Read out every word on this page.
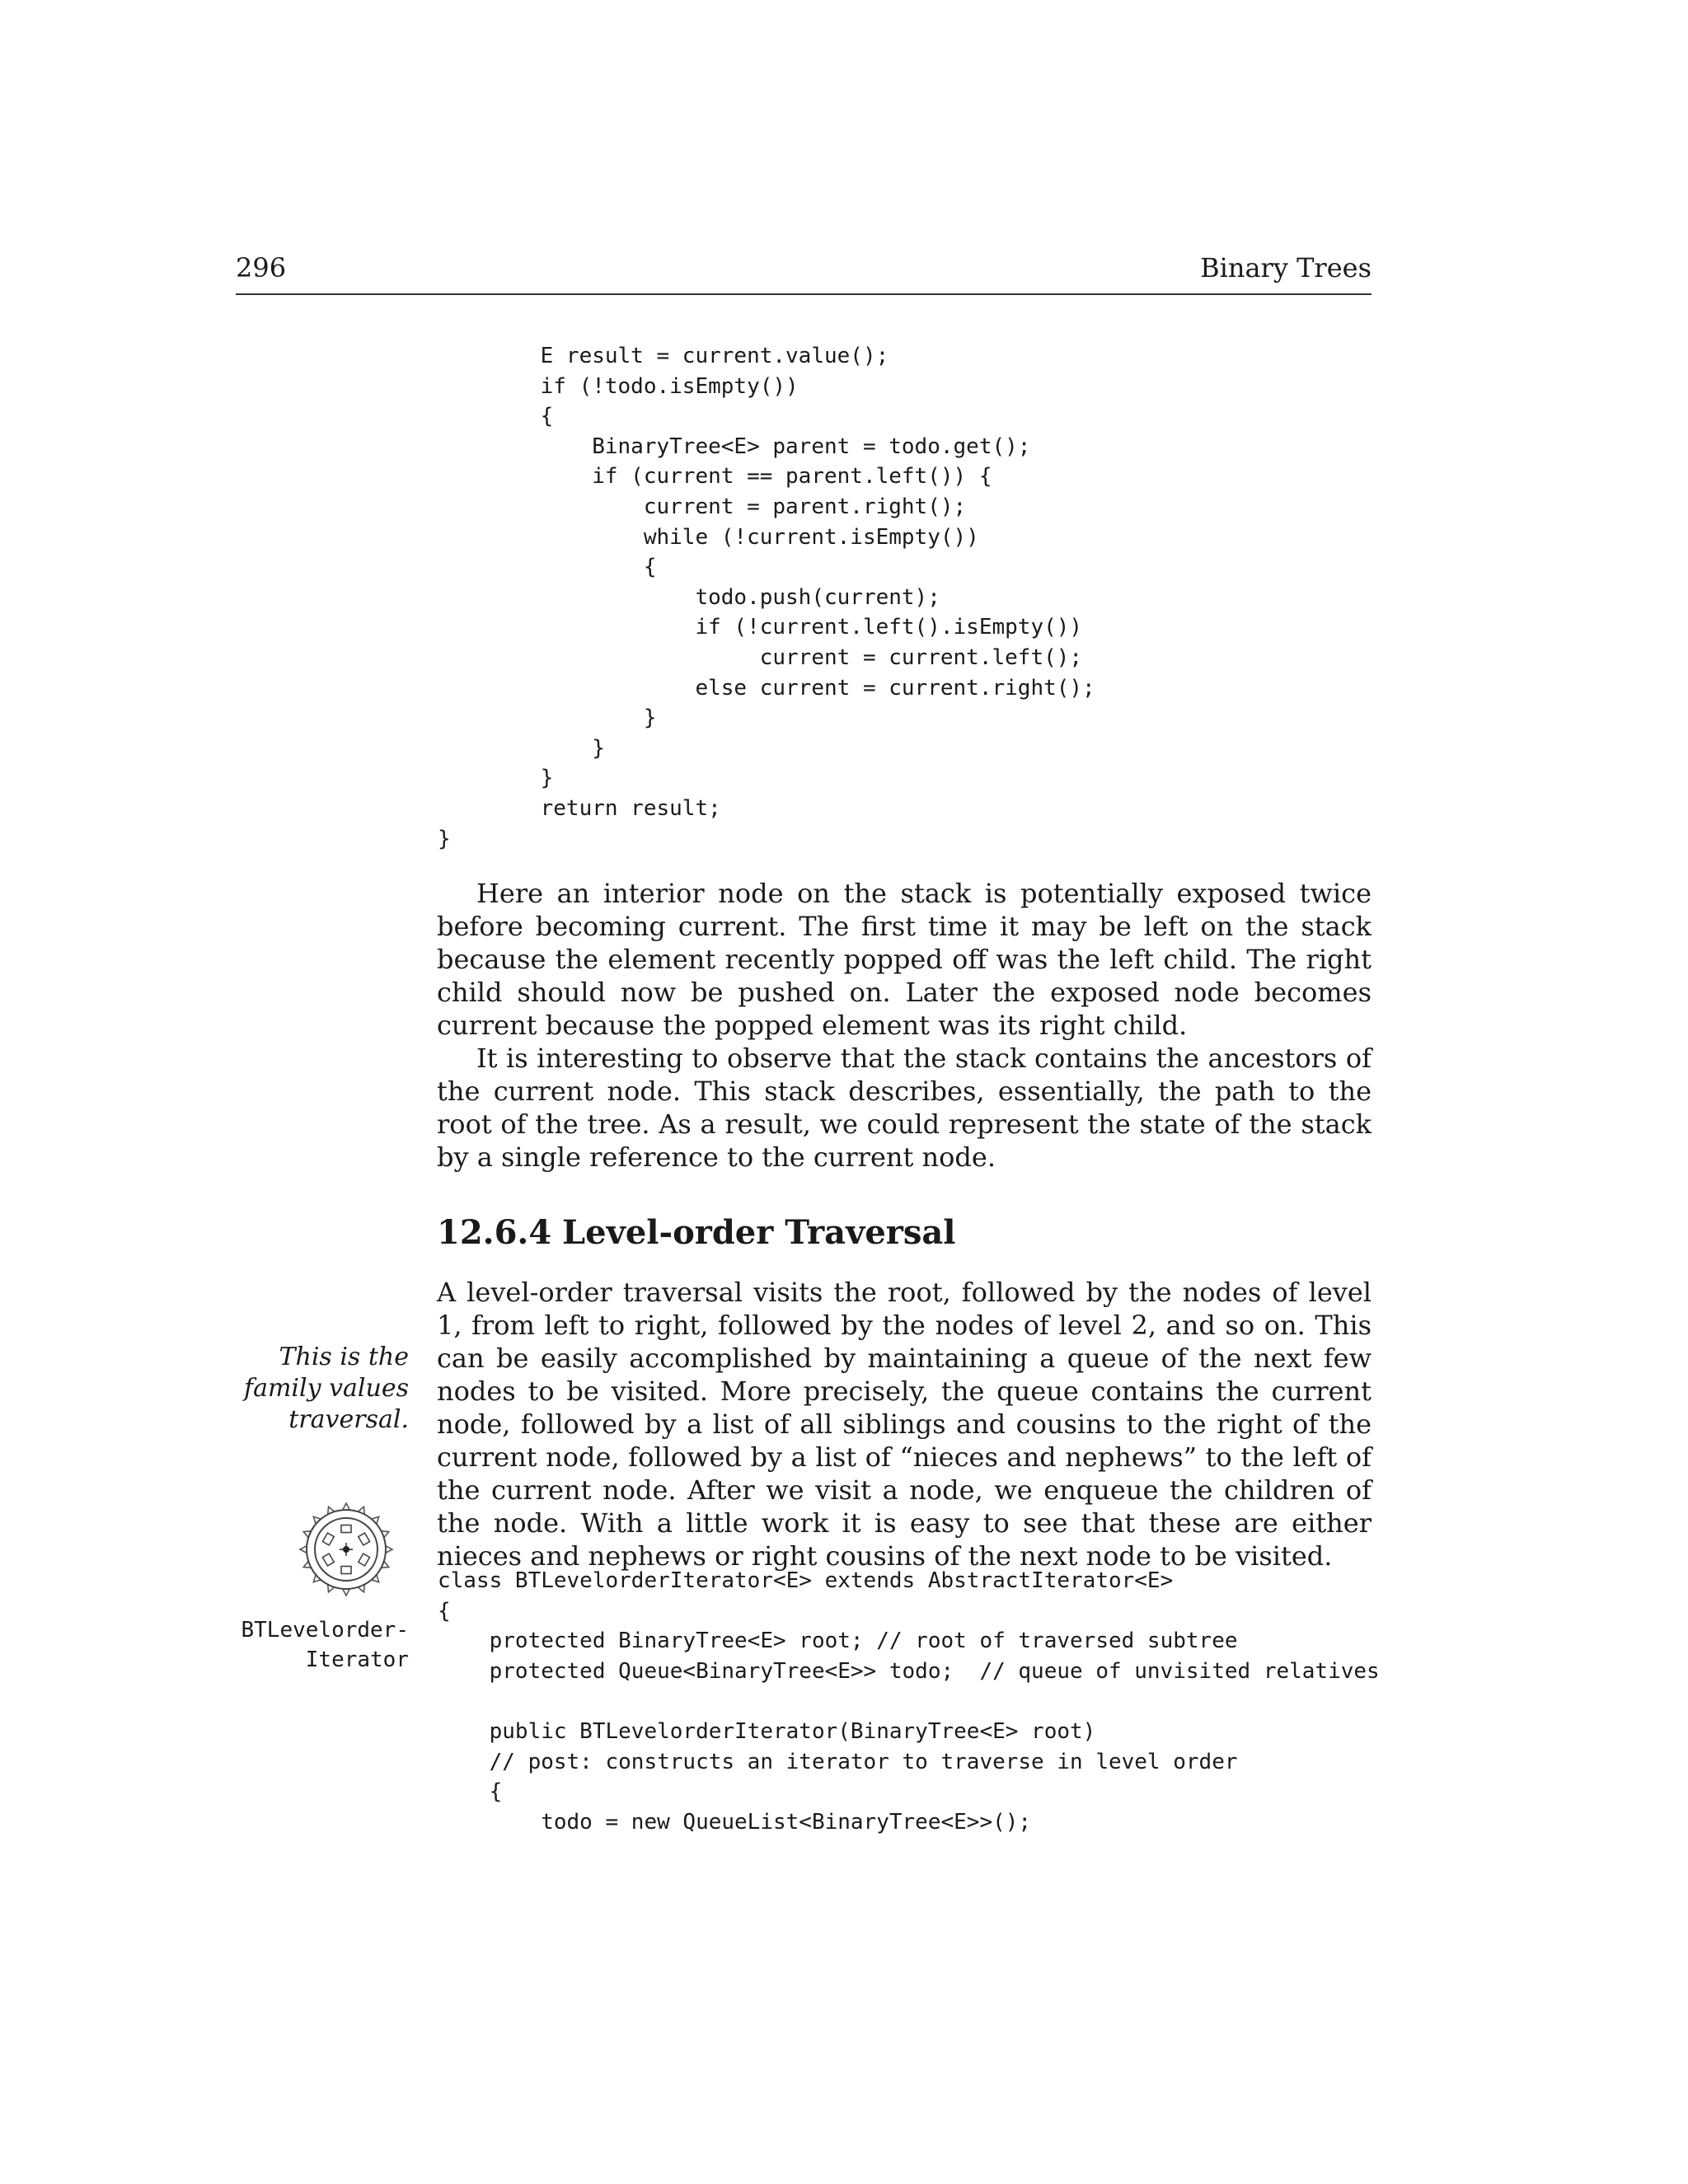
296	Binary Trees
E result = current.value();
if (!todo.isEmpty())
{
BinaryTree<E> parent = todo.get();
if (current == parent.left()) {
current = parent.right();
while (!current.isEmpty())
{
todo.push(current);
if (!current.left().isEmpty())
current = current.left();
else current = current.right();
}
}
}
return result;
}

Here an interior node on the stack is potentially exposed twice before becoming current. The first time it may be left on the stack because the element recently popped off was the left child. The right child should now be pushed on. Later the exposed node becomes current because the popped element was its right child.

It is interesting to observe that the stack contains the ancestors of the current node. This stack describes, essentially, the path to the root of the tree. As a result, we could represent the state of the stack by a single reference to the current node.

12.6.4 Level-order Traversal

A level-order traversal visits the root, followed by the nodes of level 1, from left to right, followed by the nodes of level 2, and so on. This can be easily accomplished by maintaining a queue of the next few nodes to be visited. More precisely, the queue contains the current node, followed by a list of all siblings and cousins to the right of the current node, followed by a list of “nieces and nephews” to the left of the current node. After we visit a node, we enqueue the children of the node. With a little work it is easy to see that these are either nieces and nephews or right cousins of the next node to be visited.

This is the
family values
traversal.
BTLevelorder-
Iterator
class BTLevelorderIterator<E> extends AbstractIterator<E>
{
protected BinaryTree<E> root; // root of traversed subtree
protected Queue<BinaryTree<E>> todo;  // queue of unvisited relatives
public BTLevelorderIterator(BinaryTree<E> root)
// post: constructs an iterator to traverse in level order
{
todo = new QueueList<BinaryTree<E>>();
